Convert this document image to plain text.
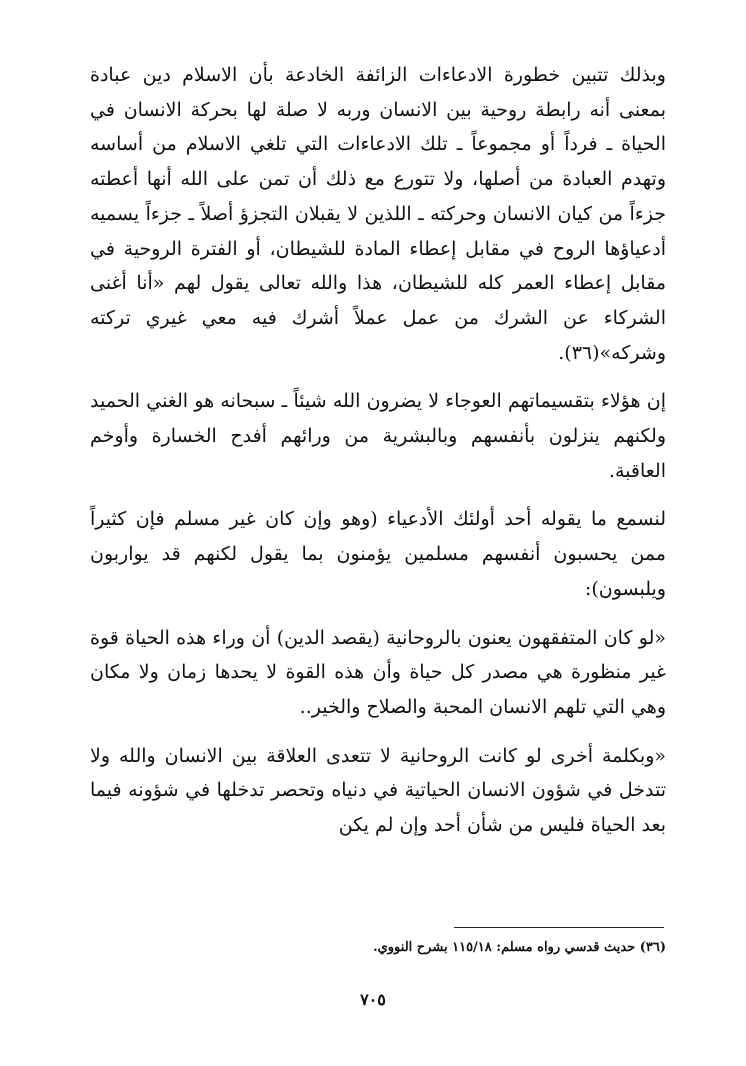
وبذلك تتبين خطورة الادعاءات الزائفة الخادعة بأن الاسلام دين عبادة بمعنى أنه رابطة روحية بين الانسان وربه لا صلة لها بحركة الانسان في الحياة ـ فرداً أو مجموعاً ـ تلك الادعاءات التي تلغي الاسلام من أساسه وتهدم العبادة من أصلها، ولا تتورع مع ذلك أن تمن على الله أنها أعطته جزءاً من كيان الانسان وحركته ـ اللذين لا يقبلان التجزؤ أصلاً ـ جزءاً يسميه أدعياؤها الروح في مقابل إعطاء المادة للشيطان، أو الفترة الروحية في مقابل إعطاء العمر كله للشيطان، هذا والله تعالى يقول لهم «أنا أغنى الشركاء عن الشرك من عمل عملاً أشرك فيه معي غيري تركته وشركه»(٣٦).

إن هؤلاء بتقسيماتهم العوجاء لا يضرون الله شيئاً ـ سبحانه هو الغني الحميد ولكنهم ينزلون بأنفسهم وبالبشرية من ورائهم أفدح الخسارة وأوخم العاقبة.

لنسمع ما يقوله أحد أولئك الأدعياء (وهو وإن كان غير مسلم فإن كثيراً ممن يحسبون أنفسهم مسلمين يؤمنون بما يقول لكنهم قد يواربون ويلبسون):

«لو كان المتفقهون يعنون بالروحانية (يقصد الدين) أن وراء هذه الحياة قوة غير منظورة هي مصدر كل حياة وأن هذه القوة لا يحدها زمان ولا مكان وهي التي تلهم الانسان المحبة والصلاح والخير..

«وبكلمة أخرى لو كانت الروحانية لا تتعدى العلاقة بين الانسان والله ولا تتدخل في شؤون الانسان الحياتية في دنياه وتحصر تدخلها في شؤونه فيما بعد الحياة فليس من شأن أحد وإن لم يكن

(٣٦) حديث قدسي رواه مسلم: ١١٥/١٨ بشرح النووي.
٧٠٥
